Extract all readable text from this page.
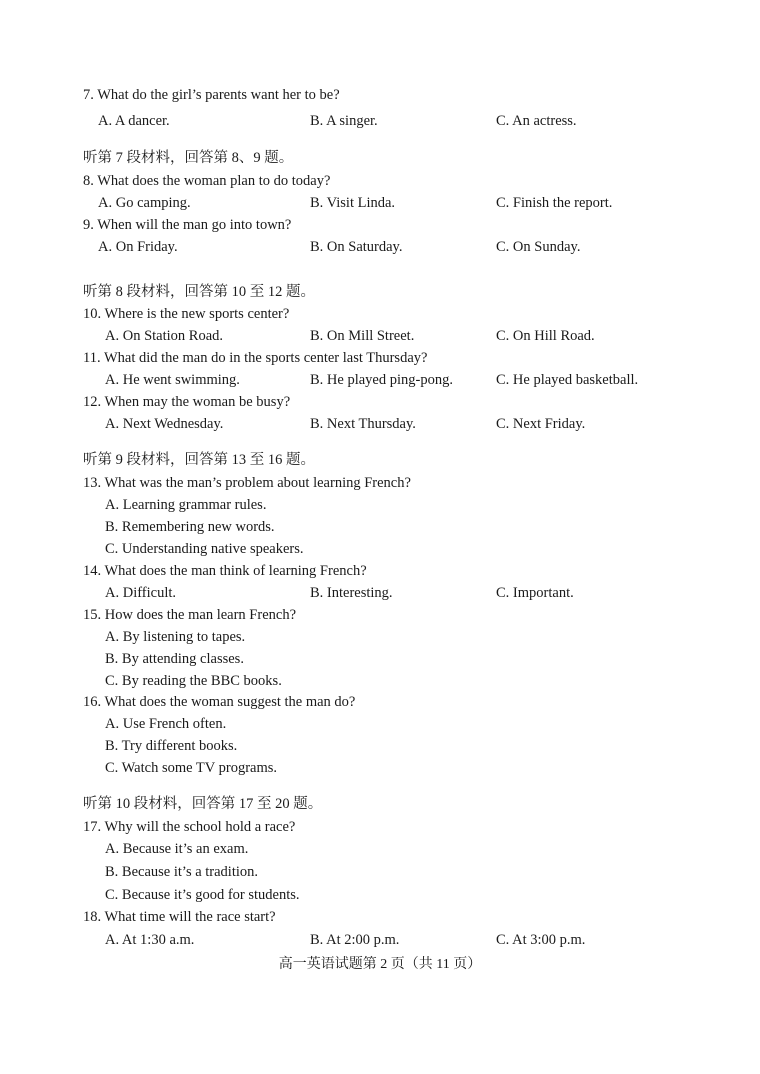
7. What do the girl’s parents want her to be?
A. A dancer.	B. A singer.	C. An actress.
听第 7 段材料，回答第 8、9 题。
8. What does the woman plan to do today?
A. Go camping.	B. Visit Linda.	C. Finish the report.
9. When will the man go into town?
A. On Friday.	B. On Saturday.	C. On Sunday.
听第 8 段材料，回答第 10 至 12 题。
10. Where is the new sports center?
A. On Station Road.	B. On Mill Street.	C. On Hill Road.
11. What did the man do in the sports center last Thursday?
A. He went swimming.	B. He played ping-pong.	C. He played basketball.
12. When may the woman be busy?
A. Next Wednesday.	B. Next Thursday.	C. Next Friday.
听第 9 段材料，回答第 13 至 16 题。
13. What was the man’s problem about learning French?
A. Learning grammar rules.
B. Remembering new words.
C. Understanding native speakers.
14. What does the man think of learning French?
A. Difficult.	B. Interesting.	C. Important.
15. How does the man learn French?
A. By listening to tapes.
B. By attending classes.
C. By reading the BBC books.
16. What does the woman suggest the man do?
A. Use French often.
B. Try different books.
C. Watch some TV programs.
听第 10 段材料，回答第 17 至 20 题。
17. Why will the school hold a race?
A. Because it’s an exam.
B. Because it’s a tradition.
C. Because it’s good for students.
18. What time will the race start?
A. At 1:30 a.m.	B. At 2:00 p.m.	C. At 3:00 p.m.
高一英语试题第 2 页（共 11 页）
